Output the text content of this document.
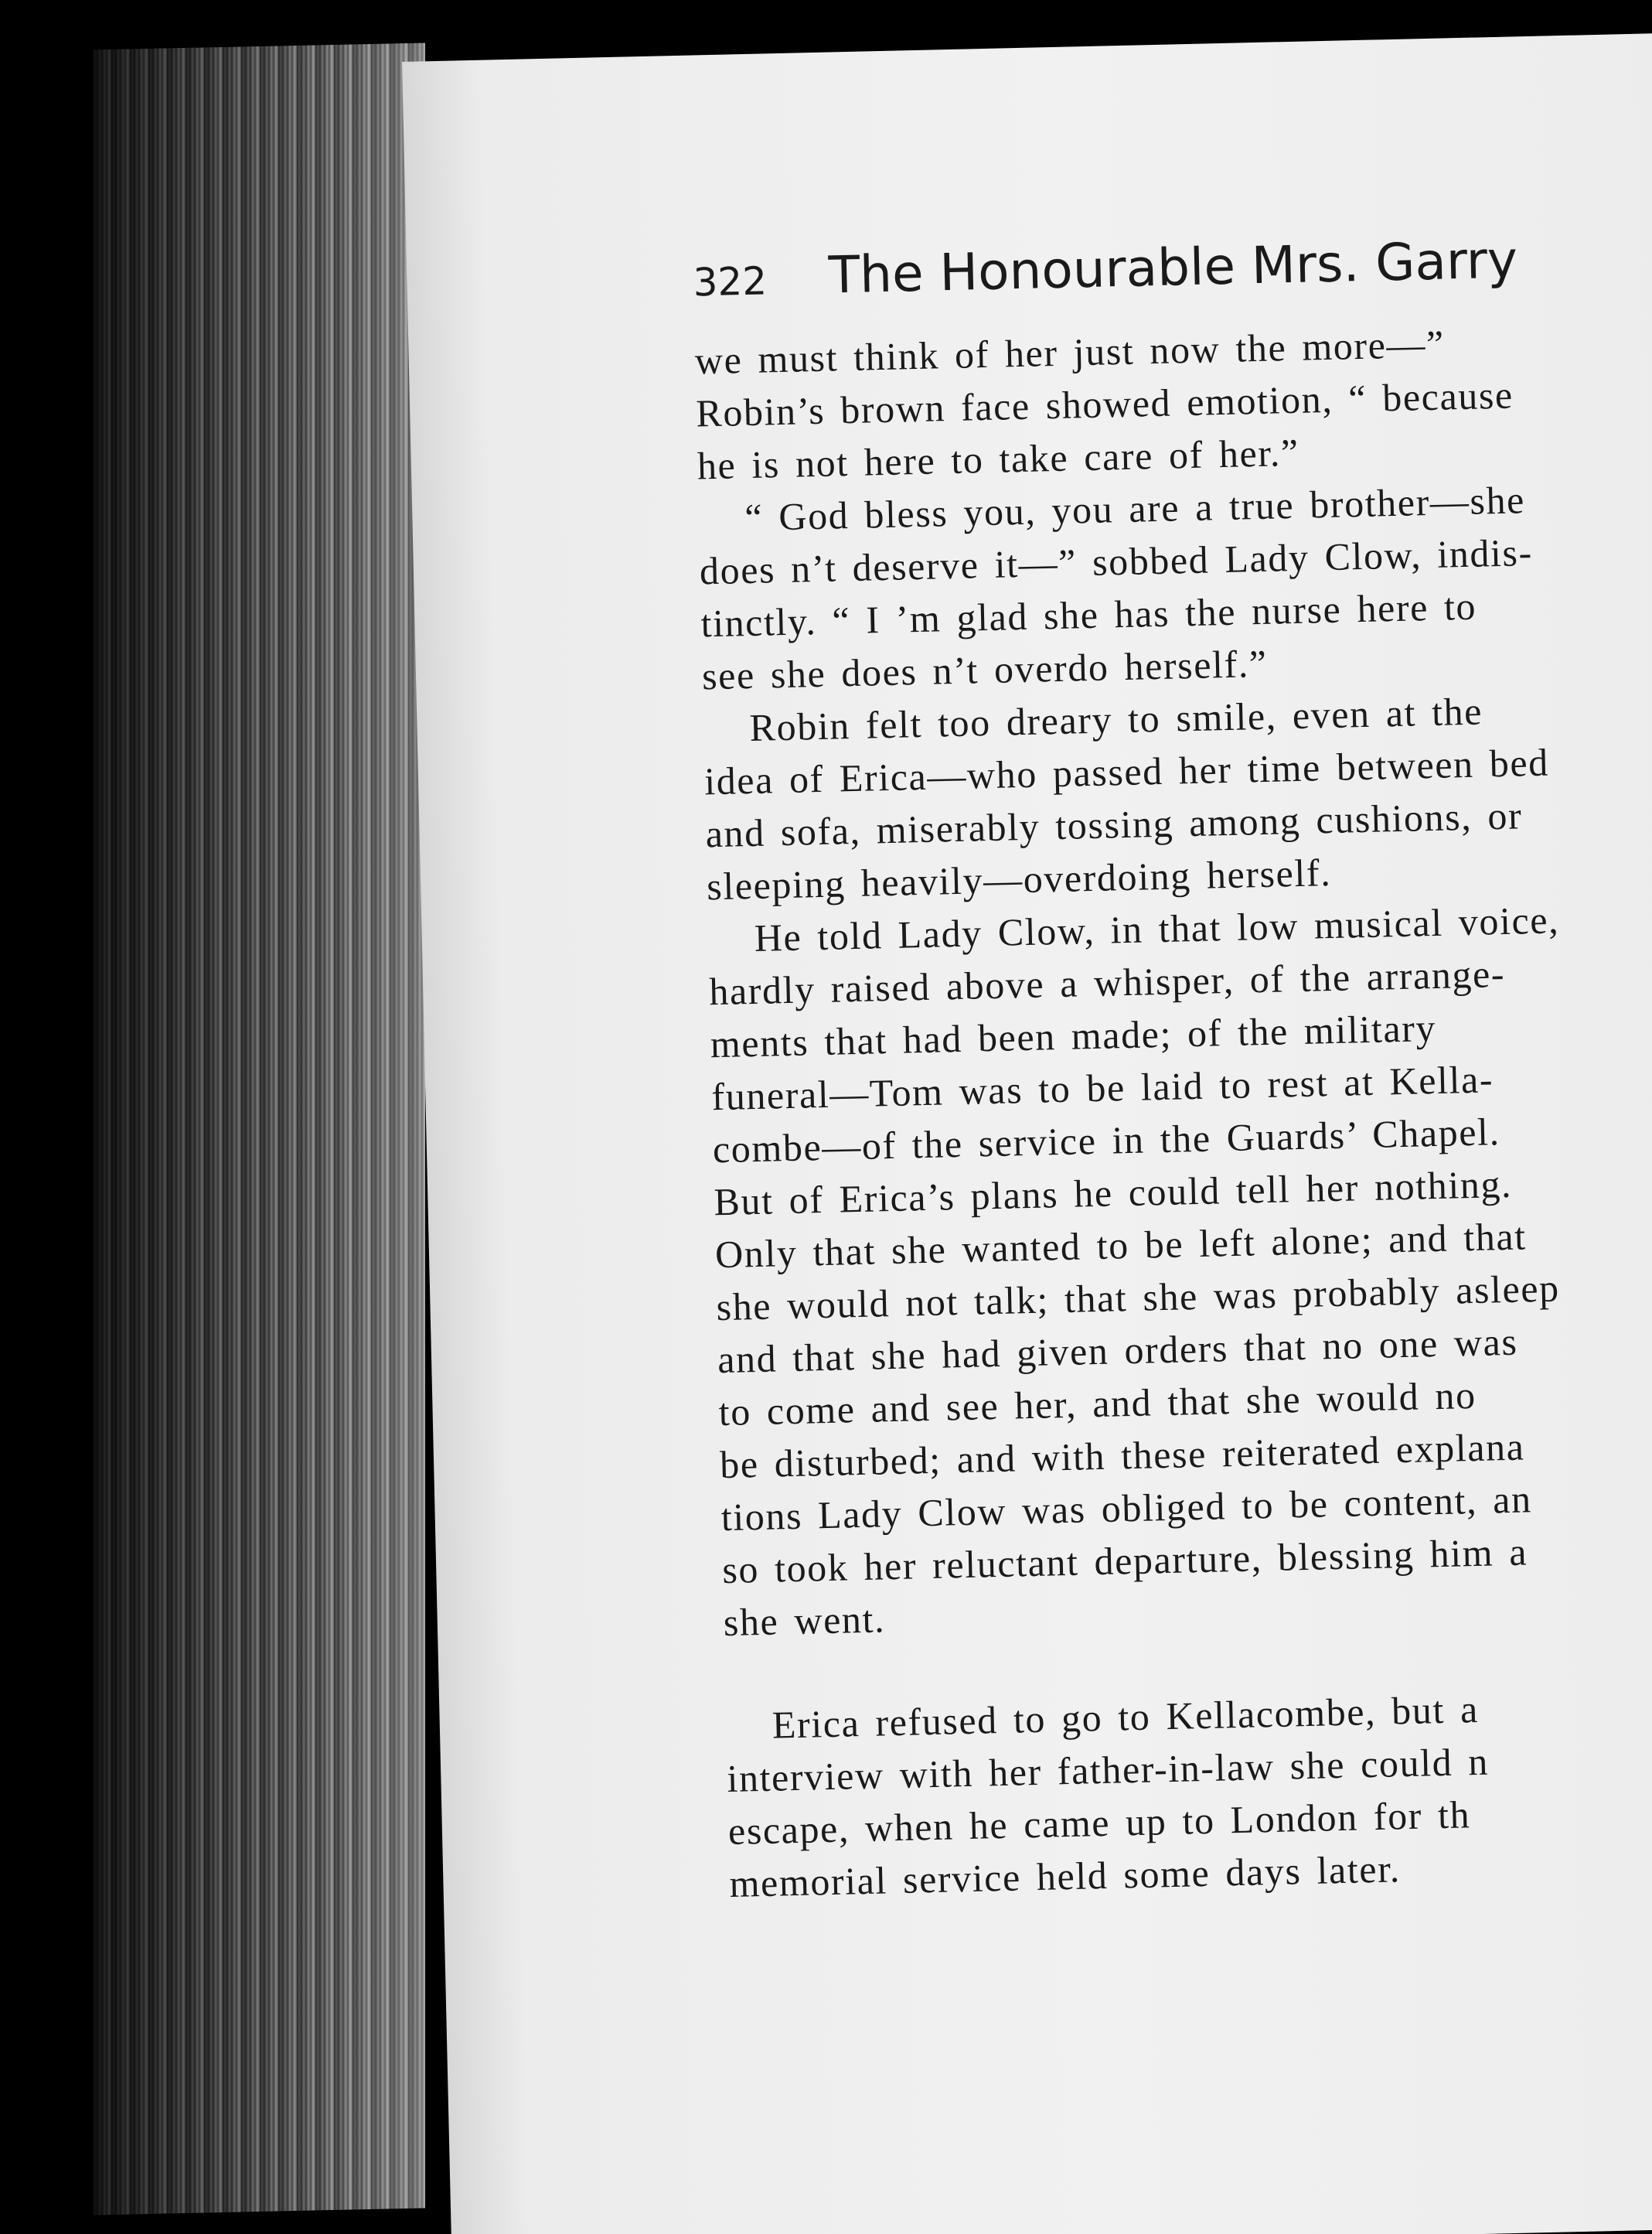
322 The Honourable Mrs. Garry
we must think of her just now the more—”
Robin’s brown face showed emotion, “ because
he is not here to take care of her.”
“ God bless you, you are a true brother—she
does n’t deserve it—” sobbed Lady Clow, indis-
tinctly. “ I ’m glad she has the nurse here to
see she does n’t overdo herself.”
Robin felt too dreary to smile, even at the
idea of Erica—who passed her time between bed
and sofa, miserably tossing among cushions, or
sleeping heavily—overdoing herself.
He told Lady Clow, in that low musical voice,
hardly raised above a whisper, of the arrange-
ments that had been made; of the military
funeral—Tom was to be laid to rest at Kella-
combe—of the service in the Guards’ Chapel.
But of Erica’s plans he could tell her nothing.
Only that she wanted to be left alone; and that
she would not talk; that she was probably asleep
and that she had given orders that no one was
to come and see her, and that she would no
be disturbed; and with these reiterated explana
tions Lady Clow was obliged to be content, an
so took her reluctant departure, blessing him a
she went.
Erica refused to go to Kellacombe, but a
interview with her father-in-law she could n
escape, when he came up to London for th
memorial service held some days later.
